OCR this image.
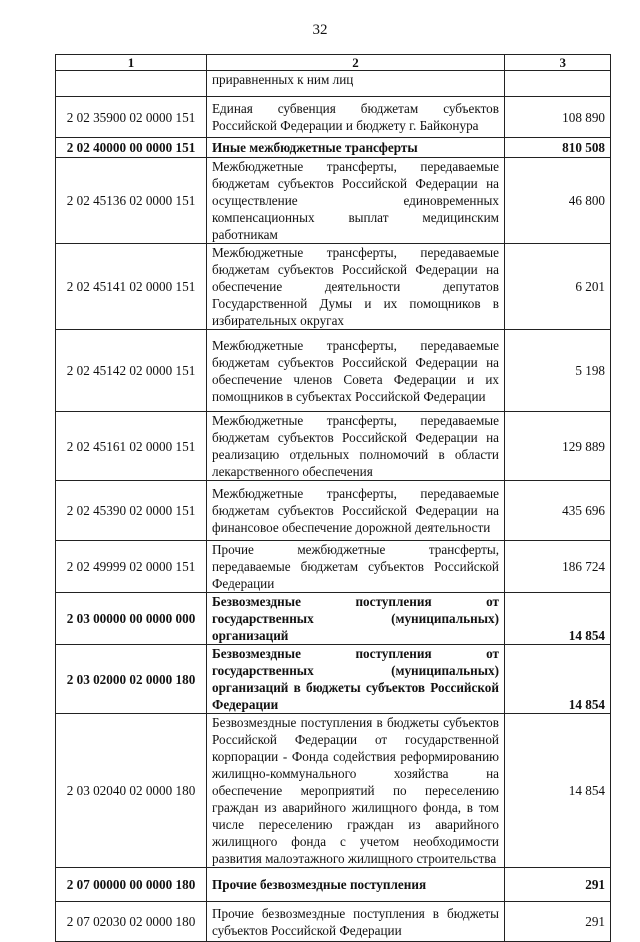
32
1	2	3
	приравненных к ним лиц	
2 02 35900 02 0000 151	Единая субвенция бюджетам субъектов Российской Федерации и бюджету г. Байконура	108 890
2 02 40000 00 0000 151	Иные межбюджетные трансферты	810 508
2 02 45136 02 0000 151	Межбюджетные трансферты, передаваемые бюджетам субъектов Российской Федерации на осуществление единовременных компенсационных выплат медицинским работникам	46 800
2 02 45141 02 0000 151	Межбюджетные трансферты, передаваемые бюджетам субъектов Российской Федерации на обеспечение деятельности депутатов Государственной Думы и их помощников в избирательных округах	6 201
2 02 45142 02 0000 151	Межбюджетные трансферты, передаваемые бюджетам субъектов Российской Федерации на обеспечение членов Совета Федерации и их помощников в субъектах Российской Федерации	5 198
2 02 45161 02 0000 151	Межбюджетные трансферты, передаваемые бюджетам субъектов Российской Федерации на реализацию отдельных полномочий в области лекарственного обеспечения	129 889
2 02 45390 02 0000 151	Межбюджетные трансферты, передаваемые бюджетам субъектов Российской Федерации на финансовое обеспечение дорожной деятельности	435 696
2 02 49999 02 0000 151	Прочие межбюджетные трансферты, передаваемые бюджетам субъектов Российской Федерации	186 724
2 03 00000 00 0000 000	Безвозмездные поступления от государственных (муниципальных) организаций	14 854
2 03 02000 02 0000 180	Безвозмездные поступления от государственных (муниципальных) организаций в бюджеты субъектов Российской Федерации	14 854
2 03 02040 02 0000 180	Безвозмездные поступления в бюджеты субъектов Российской Федерации от государственной корпорации - Фонда содействия реформированию жилищно-коммунального хозяйства на обеспечение мероприятий по переселению граждан из аварийного жилищного фонда, в том числе переселению граждан из аварийного жилищного фонда с учетом необходимости развития малоэтажного жилищного строительства	14 854
2 07 00000 00 0000 180	Прочие безвозмездные поступления	291
2 07 02030 02 0000 180	Прочие безвозмездные поступления в бюджеты субъектов Российской Федерации	291
